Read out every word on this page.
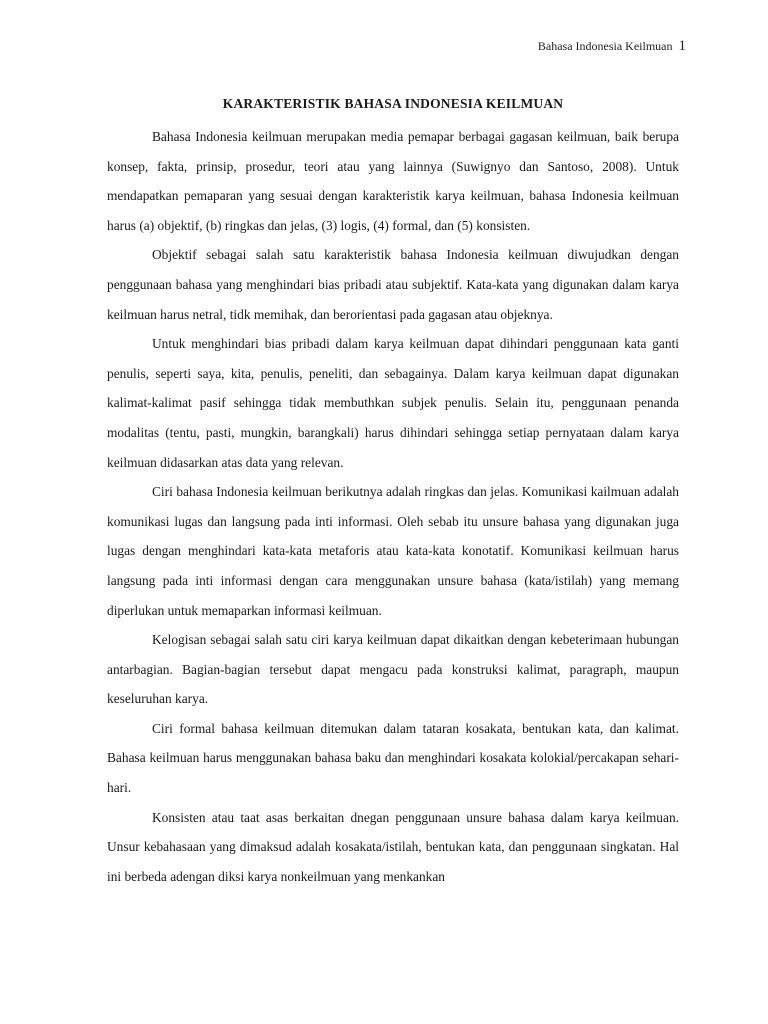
Bahasa Indonesia Keilmuan 1
KARAKTERISTIK BAHASA INDONESIA KEILMUAN

Bahasa Indonesia keilmuan merupakan media pemapar berbagai gagasan keilmuan, baik berupa konsep, fakta, prinsip, prosedur, teori atau yang lainnya (Suwignyo dan Santoso, 2008). Untuk mendapatkan pemaparan yang sesuai dengan karakteristik karya keilmuan, bahasa Indonesia keilmuan harus (a) objektif, (b) ringkas dan jelas, (3) logis, (4) formal, dan (5) konsisten.

Objektif sebagai salah satu karakteristik bahasa Indonesia keilmuan diwujudkan dengan penggunaan bahasa yang menghindari bias pribadi atau subjektif. Kata-kata yang digunakan dalam karya keilmuan harus netral, tidk memihak, dan berorientasi pada gagasan atau objeknya.

Untuk menghindari bias pribadi dalam karya keilmuan dapat dihindari penggunaan kata ganti penulis, seperti saya, kita, penulis, peneliti, dan sebagainya. Dalam karya keilmuan dapat digunakan kalimat-kalimat pasif sehingga tidak membuthkan subjek penulis. Selain itu, penggunaan penanda modalitas (tentu, pasti, mungkin, barangkali) harus dihindari sehingga setiap pernyataan dalam karya keilmuan didasarkan atas data yang relevan.

Ciri bahasa Indonesia keilmuan berikutnya adalah ringkas dan jelas. Komunikasi kailmuan adalah komunikasi lugas dan langsung pada inti informasi. Oleh sebab itu unsure bahasa yang digunakan juga lugas dengan menghindari kata-kata metaforis atau kata-kata konotatif. Komunikasi keilmuan harus langsung pada inti informasi dengan cara menggunakan unsure bahasa (kata/istilah) yang memang diperlukan untuk memaparkan informasi keilmuan.

Kelogisan sebagai salah satu ciri karya keilmuan dapat dikaitkan dengan kebeterimaan hubungan antarbagian. Bagian-bagian tersebut dapat mengacu pada konstruksi kalimat, paragraph, maupun keseluruhan karya.

Ciri formal bahasa keilmuan ditemukan dalam tataran kosakata, bentukan kata, dan kalimat. Bahasa keilmuan harus menggunakan bahasa baku dan menghindari kosakata kolokial/percakapan sehari-hari.

Konsisten atau taat asas berkaitan dnegan penggunaan unsure bahasa dalam karya keilmuan. Unsur kebahasaan yang dimaksud adalah kosakata/istilah, bentukan kata, dan penggunaan singkatan. Hal ini berbeda adengan diksi karya nonkeilmuan yang menkankan
